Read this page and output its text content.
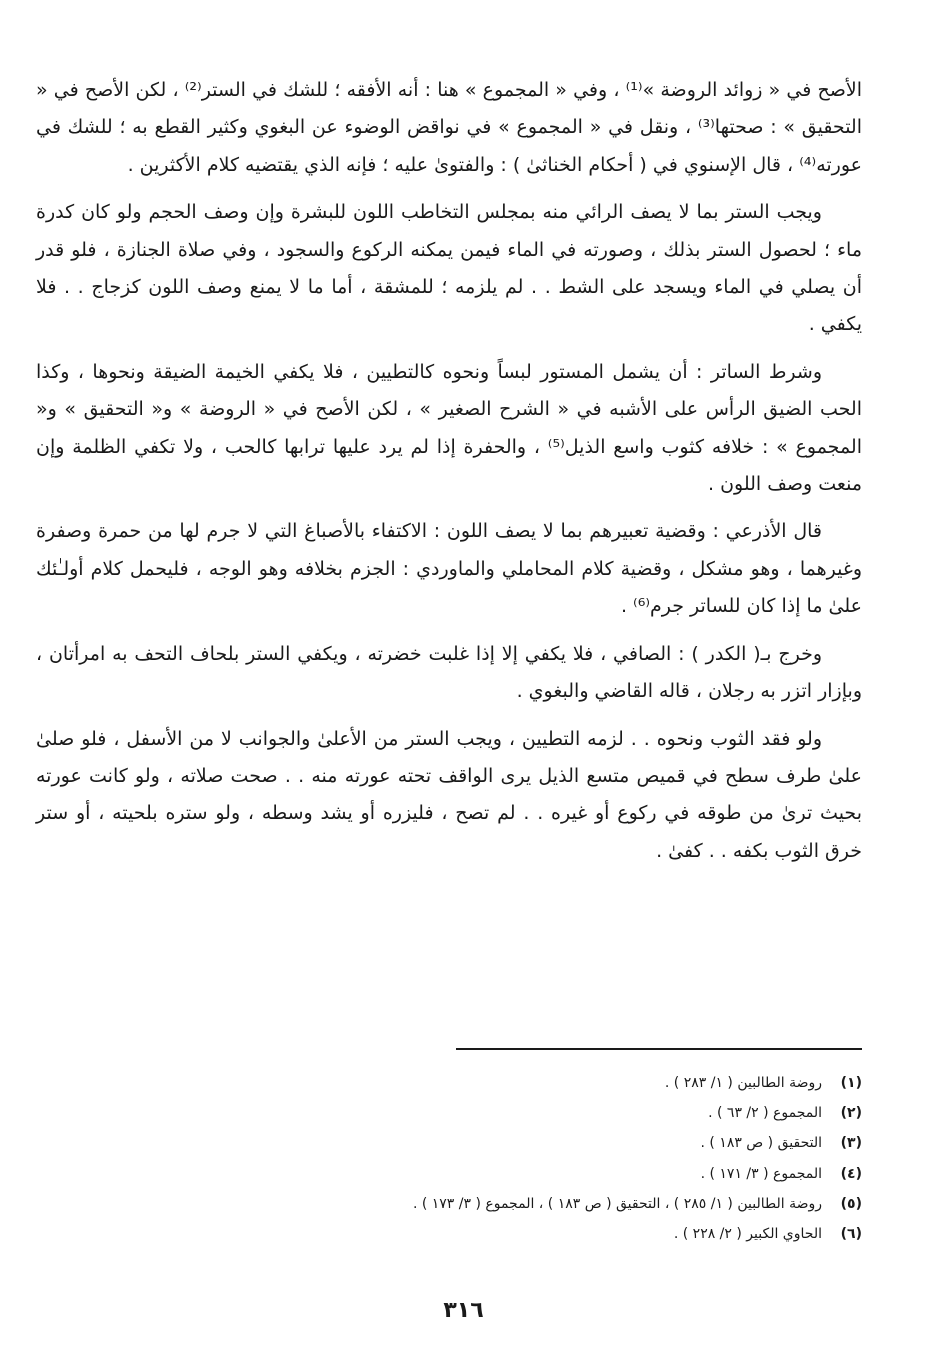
الأصح في « زوائد الروضة »⁽¹⁾ ، وفي « المجموع » هنا : أنه الأفقه ؛ للشك في الستر⁽²⁾ ، لكن الأصح في « التحقيق » : صحتها⁽³⁾ ، ونقل في « المجموع » في نواقض الوضوء عن البغوي وكثير القطع به ؛ للشك في عورته⁽⁴⁾ ، قال الإسنوي في ( أحكام الخناثىٰ ) : والفتوىٰ عليه ؛ فإنه الذي يقتضيه كلام الأكثرين .

ويجب الستر بما لا يصف الرائي منه بمجلس التخاطب اللون للبشرة وإن وصف الحجم ولو كان كدرة ماء ؛ لحصول الستر بذلك ، وصورته في الماء فيمن يمكنه الركوع والسجود ، وفي صلاة الجنازة ، فلو قدر أن يصلي في الماء ويسجد على الشط . . لم يلزمه ؛ للمشقة ، أما ما لا يمنع وصف اللون كزجاج . . فلا يكفي .

وشرط الساتر : أن يشمل المستور لبساً ونحوه كالتطيين ، فلا يكفي الخيمة الضيقة ونحوها ، وكذا الحب الضيق الرأس على الأشبه في « الشرح الصغير » ، لكن الأصح في « الروضة » و« التحقيق » و« المجموع » : خلافه كثوب واسع الذيل⁽⁵⁾ ، والحفرة إذا لم يرد عليها ترابها كالحب ، ولا تكفي الظلمة وإن منعت وصف اللون .

قال الأذرعي : وقضية تعبيرهم بما لا يصف اللون : الاكتفاء بالأصباغ التي لا جرم لها من حمرة وصفرة وغيرهما ، وهو مشكل ، وقضية كلام المحاملي والماوردي : الجزم بخلافه وهو الوجه ، فليحمل كلام أولـٰئك علىٰ ما إذا كان للساتر جرم⁽⁶⁾ .

وخرج بـ( الكدر ) : الصافي ، فلا يكفي إلا إذا غلبت خضرته ، ويكفي الستر بلحاف التحف به امرأتان ، وبإزار اتزر به رجلان ، قاله القاضي والبغوي .

ولو فقد الثوب ونحوه . . لزمه التطيين ، ويجب الستر من الأعلىٰ والجوانب لا من الأسفل ، فلو صلىٰ علىٰ طرف سطح في قميص متسع الذيل يرى الواقف تحته عورته منه . . صحت صلاته ، ولو كانت عورته بحيث ترىٰ من طوقه في ركوع أو غيره . . لم تصح ، فليزره أو يشد وسطه ، ولو ستره بلحيته ، أو ستر خرق الثوب بكفه . . كفىٰ .

(١)روضة الطالبين ( ١/ ٢٨٣ ) .
(٢)المجموع ( ٢/ ٦٣ ) .
(٣)التحقيق ( ص ١٨٣ ) .
(٤)المجموع ( ٣/ ١٧١ ) .
(٥)روضة الطالبين ( ١/ ٢٨٥ ) ، التحقيق ( ص ١٨٣ ) ، المجموع ( ٣/ ١٧٣ ) .
(٦)الحاوي الكبير ( ٢/ ٢٢٨ ) .
٣١٦
